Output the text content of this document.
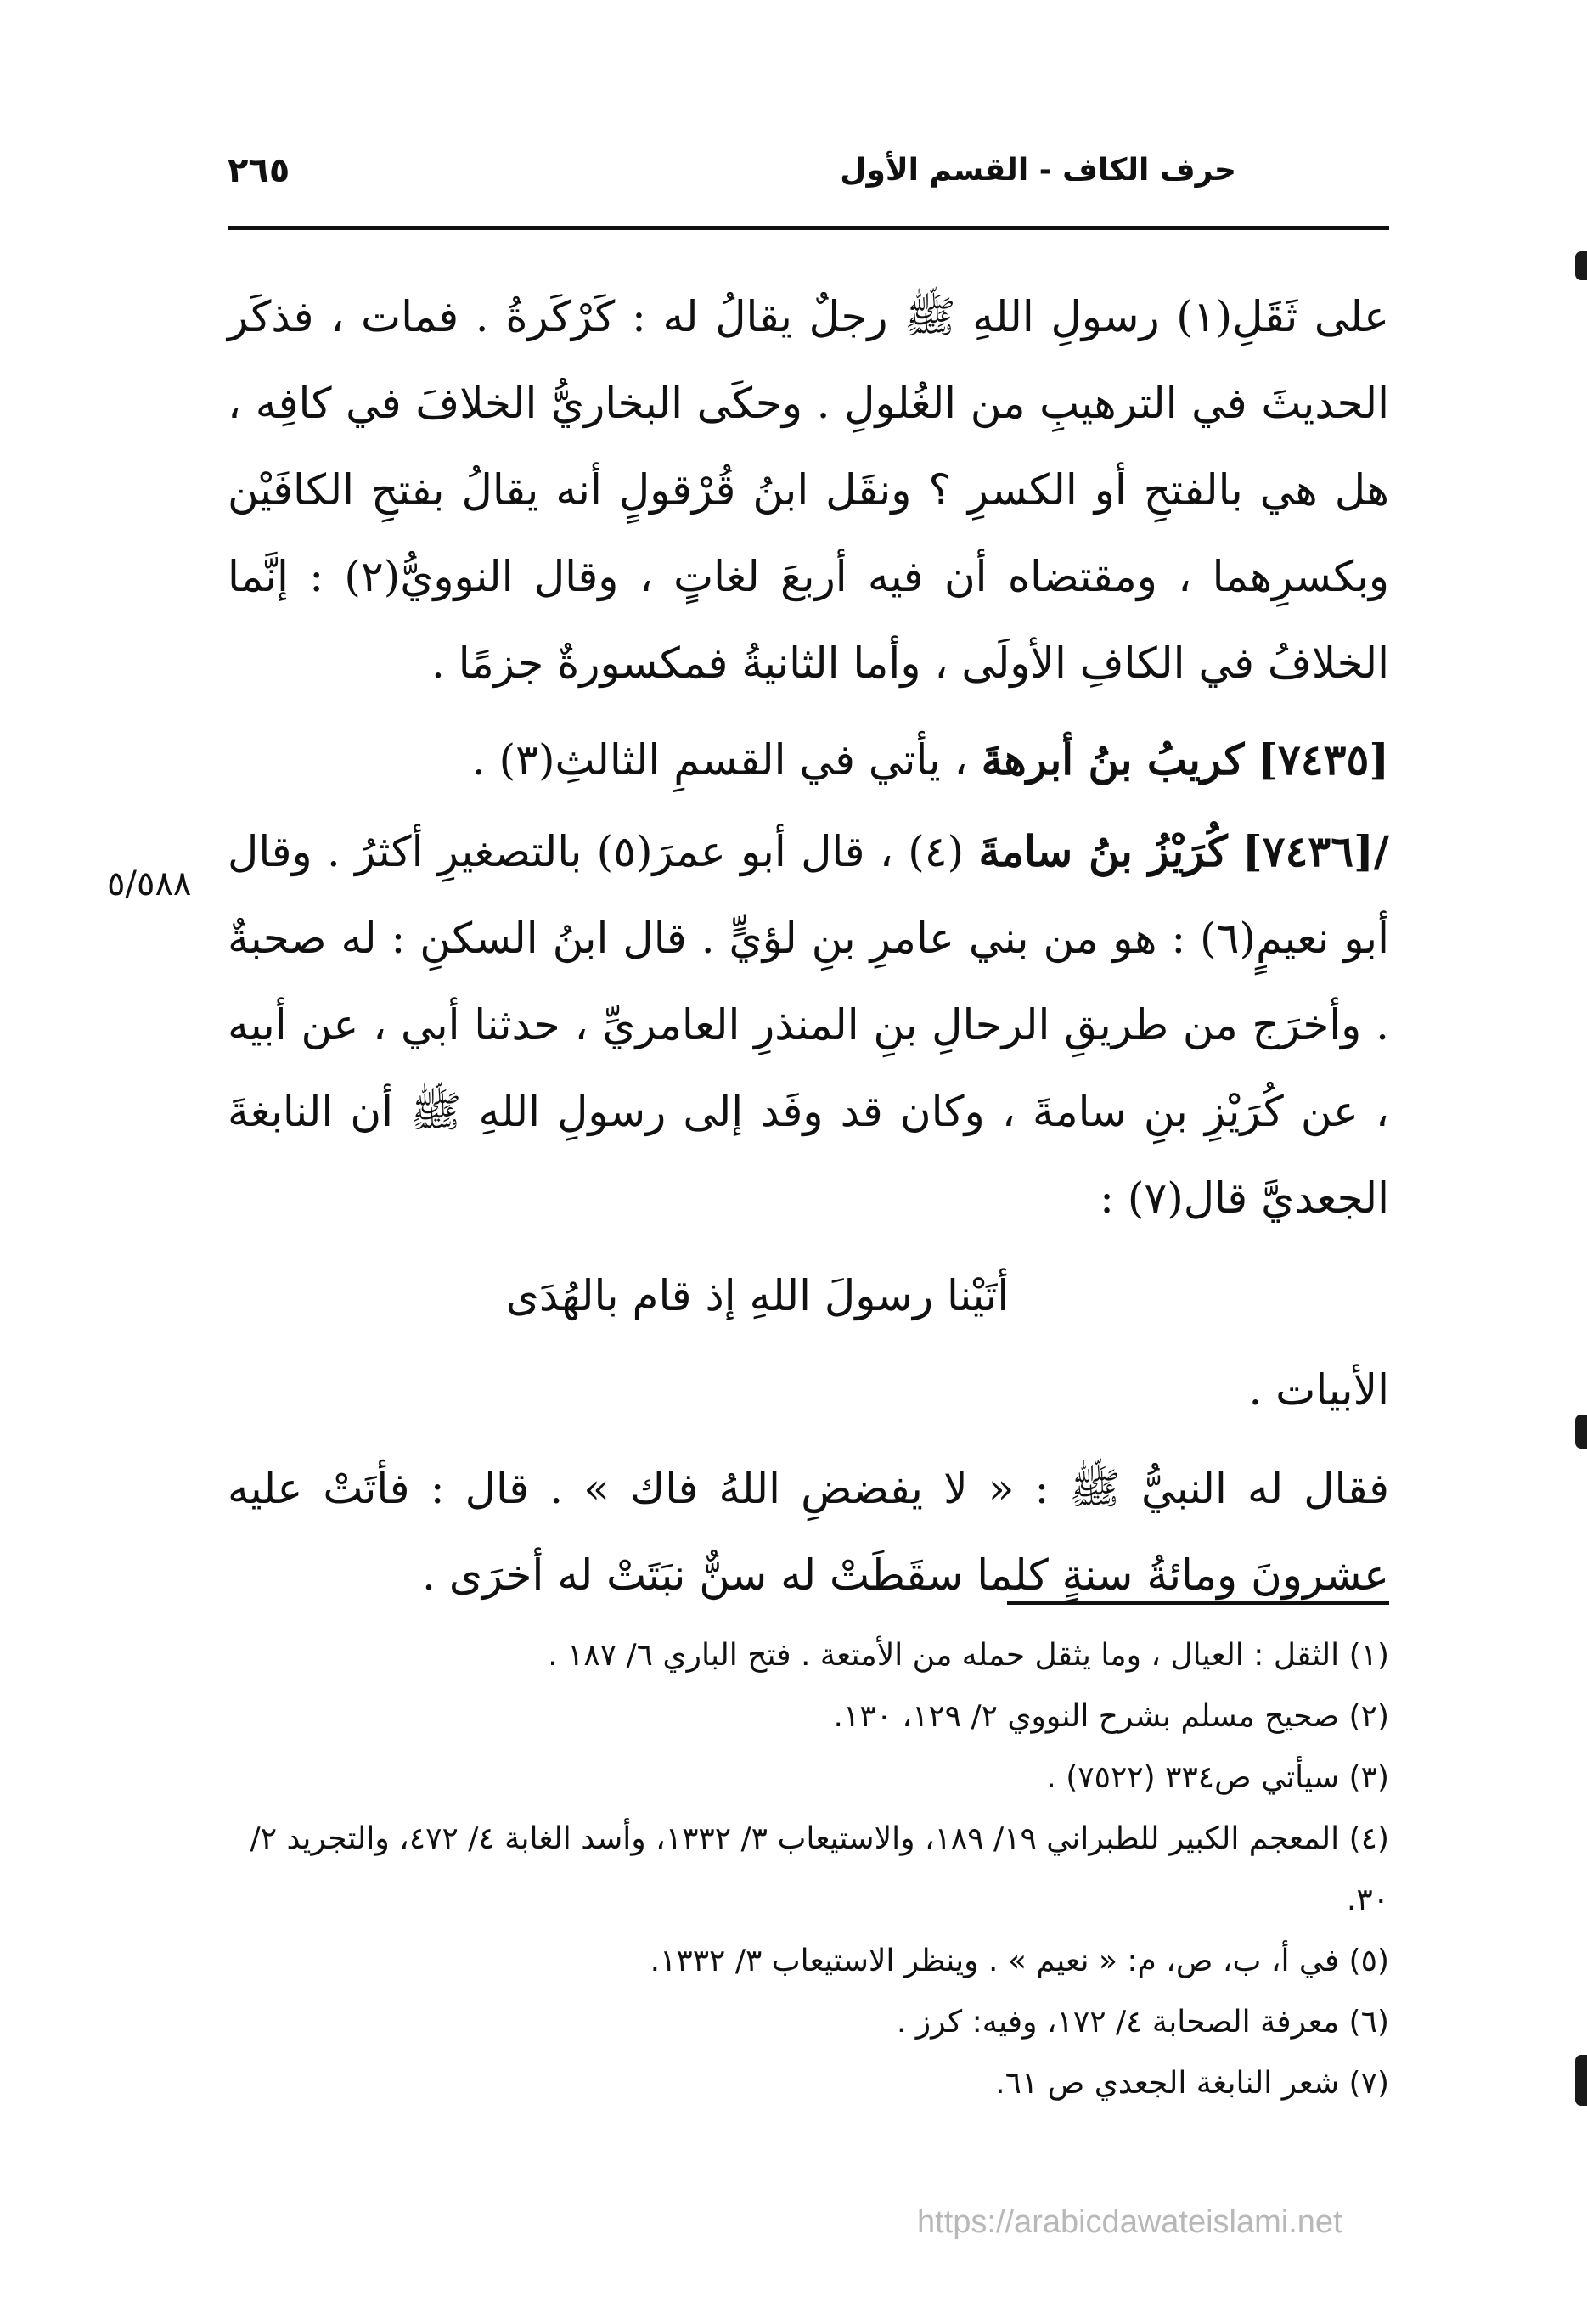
٢٦٥	حرف الكاف - القسم الأول

على ثَقَلِ(١) رسولِ اللهِ ﷺ رجلٌ يقالُ له : كَرْكَرةُ . فمات ، فذكَر الحديثَ في الترهيبِ من الغُلولِ . وحكَى البخاريُّ الخلافَ في كافِه ، هل هي بالفتحِ أو الكسرِ ؟ ونقَل ابنُ قُرْقولٍ أنه يقالُ بفتحِ الكافَيْن وبكسرِهما ، ومقتضاه أن فيه أربعَ لغاتٍ ، وقال النوويُّ(٢) : إنَّما الخلافُ في الكافِ الأولَى ، وأما الثانيةُ فمكسورةٌ جزمًا .

[٧٤٣٥] كريبُ بنُ أبرهةَ ، يأتي في القسمِ الثالثِ(٣) .

/[٧٤٣٦] كُرَيْزُ بنُ سامةَ (٤) ، قال أبو عمرَ(٥) بالتصغيرِ أكثرُ . وقال أبو نعيمٍ(٦) : هو من بني عامرِ بنِ لؤيٍّ . قال ابنُ السكنِ : له صحبةٌ . وأخرَج من طريقِ الرحالِ بنِ المنذرِ العامريِّ ، حدثنا أبي ، عن أبيه ، عن كُرَيْزِ بنِ سامةَ ، وكان قد وفَد إلى رسولِ اللهِ ﷺ أن النابغةَ الجعديَّ قال(٧) :

أتَيْنا رسولَ اللهِ إذ قام بالهُدَى

الأبيات .

فقال له النبيُّ ﷺ : « لا يفضضِ اللهُ فاك » . قال : فأتَتْ عليه عشرونَ ومائةُ سنةٍ كلما سقَطَتْ له سنٌّ نبَتَتْ له أخرَى .

٥/٥٨٨

(١) الثقل : العيال ، وما يثقل حمله من الأمتعة . فتح الباري ٦/ ١٨٧ .

(٢) صحيح مسلم بشرح النووي ٢/ ١٢٩، ١٣٠.

(٣) سيأتي ص٣٣٤ (٧٥٢٢) .

(٤) المعجم الكبير للطبراني ١٩/ ١٨٩، والاستيعاب ٣/ ١٣٣٢، وأسد الغابة ٤/ ٤٧٢، والتجريد ٢/ ٣٠.

(٥) في أ، ب، ص، م: « نعيم » . وينظر الاستيعاب ٣/ ١٣٣٢.

(٦) معرفة الصحابة ٤/ ١٧٢، وفيه: كرز .

(٧) شعر النابغة الجعدي ص ٦١.

https://arabicdawateislami.net
